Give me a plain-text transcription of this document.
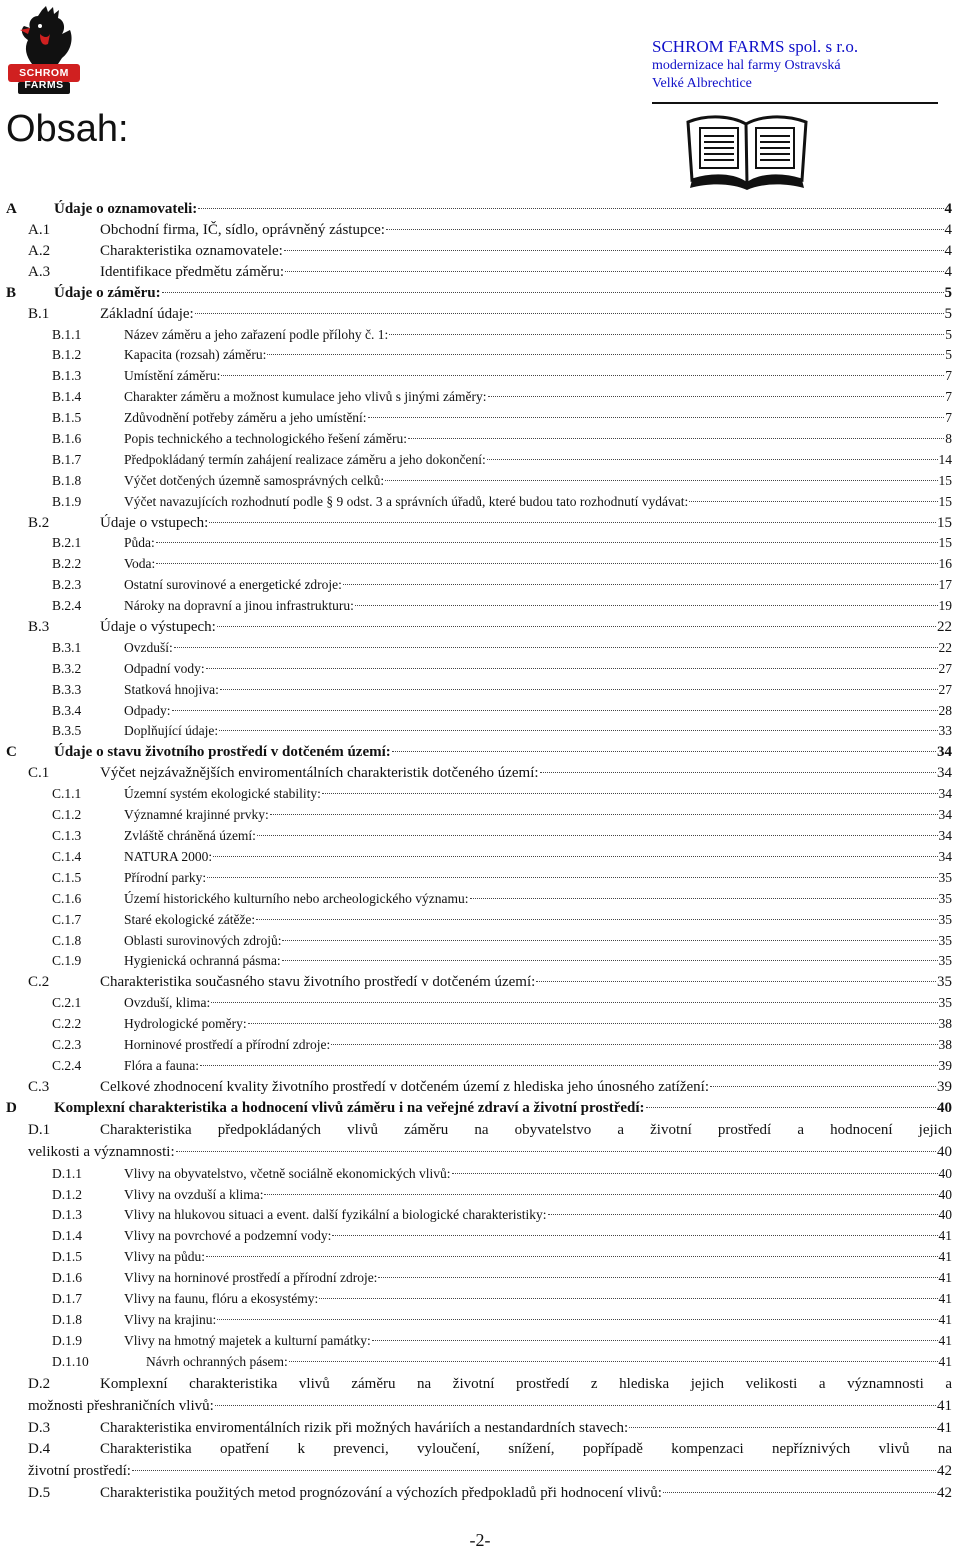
SCHROM FARMS
SCHROM FARMS spol. s r.o.
modernizace hal farmy Ostravská
Velké Albrechtice
Obsah:
A Údaje o oznamovateli:	4
A.1	Obchodní firma, IČ, sídlo, oprávněný zástupce:	4
A.2	Charakteristika oznamovatele:	4
A.3	Identifikace předmětu záměru:	4
B	Údaje o záměru:	5
B.1	Základní údaje:	5
B.1.1	Název záměru a jeho zařazení podle přílohy č. 1:	5
B.1.2	Kapacita (rozsah) záměru:	5
B.1.3	Umístění záměru:	7
B.1.4	Charakter záměru a možnost kumulace jeho vlivů s jinými záměry:	7
B.1.5	Zdůvodnění potřeby záměru a jeho umístění:	7
B.1.6	Popis technického a technologického řešení záměru:	8
B.1.7	Předpokládaný termín zahájení realizace záměru a jeho dokončení:	14
B.1.8	Výčet dotčených územně samosprávných celků:	15
B.1.9	Výčet navazujících rozhodnutí podle § 9 odst. 3 a správních úřadů, které budou tato rozhodnutí vydávat:	15
B.2	Údaje o vstupech:	15
B.2.1	Půda:	15
B.2.2	Voda:	16
B.2.3	Ostatní surovinové a energetické zdroje:	17
B.2.4	Nároky na dopravní a jinou infrastrukturu:	19
B.3	Údaje o výstupech:	22
B.3.1	Ovzduší:	22
B.3.2	Odpadní vody:	27
B.3.3	Statková hnojiva:	27
B.3.4	Odpady:	28
B.3.5	Doplňující údaje:	33
C Údaje o stavu životního prostředí v dotčeném území:	34
C.1	Výčet nejzávažnějších enviromentálních charakteristik dotčeného území:	34
C.1.1	Územní systém ekologické stability:	34
C.1.2	Významné krajinné prvky:	34
C.1.3	Zvláště chráněná území:	34
C.1.4	NATURA 2000:	34
C.1.5	Přírodní parky:	35
C.1.6	Území historického kulturního nebo archeologického významu:	35
C.1.7	Staré ekologické zátěže:	35
C.1.8	Oblasti surovinových zdrojů:	35
C.1.9	Hygienická ochranná pásma:	35
C.2	Charakteristika současného stavu životního prostředí v dotčeném území:	35
C.2.1	Ovzduší, klima:	35
C.2.2	Hydrologické poměry:	38
C.2.3	Horninové prostředí a přírodní zdroje:	38
C.2.4	Flóra a fauna:	39
C.3	Celkové zhodnocení kvality životního prostředí v dotčeném území z hlediska jeho únosného zatížení:	39
D Komplexní charakteristika a hodnocení vlivů záměru i na veřejné zdraví a životní prostředí:	40
D.1	Charakteristika předpokládaných vlivů záměru na obyvatelstvo a životní prostředí a hodnocení jejich
velikosti a významnosti:	40
D.1.1	Vlivy na obyvatelstvo, včetně sociálně ekonomických vlivů:	40
D.1.2	Vlivy na ovzduší a klima:	40
D.1.3	Vlivy na hlukovou situaci a event. další fyzikální a biologické charakteristiky:	40
D.1.4	Vlivy na povrchové a podzemní vody:	41
D.1.5	Vlivy na půdu:	41
D.1.6	Vlivy na horninové prostředí a přírodní zdroje:	41
D.1.7	Vlivy na faunu, flóru a ekosystémy:	41
D.1.8	Vlivy na krajinu:	41
D.1.9	Vlivy na hmotný majetek a kulturní památky:	41
D.1.10	Návrh ochranných pásem:	41
D.2	Komplexní charakteristika vlivů záměru na životní prostředí z hlediska jejich velikosti a významnosti a
možnosti přeshraničních vlivů:	41
D.3	Charakteristika enviromentálních rizik při možných haváriích a nestandardních stavech:	41
D.4	Charakteristika opatření k prevenci, vyloučení, snížení, popřípadě kompenzaci nepříznivých vlivů na
životní prostředí:	42
D.5	Charakteristika použitých metod prognózování a výchozích předpokladů při hodnocení vlivů:	42
-2-
